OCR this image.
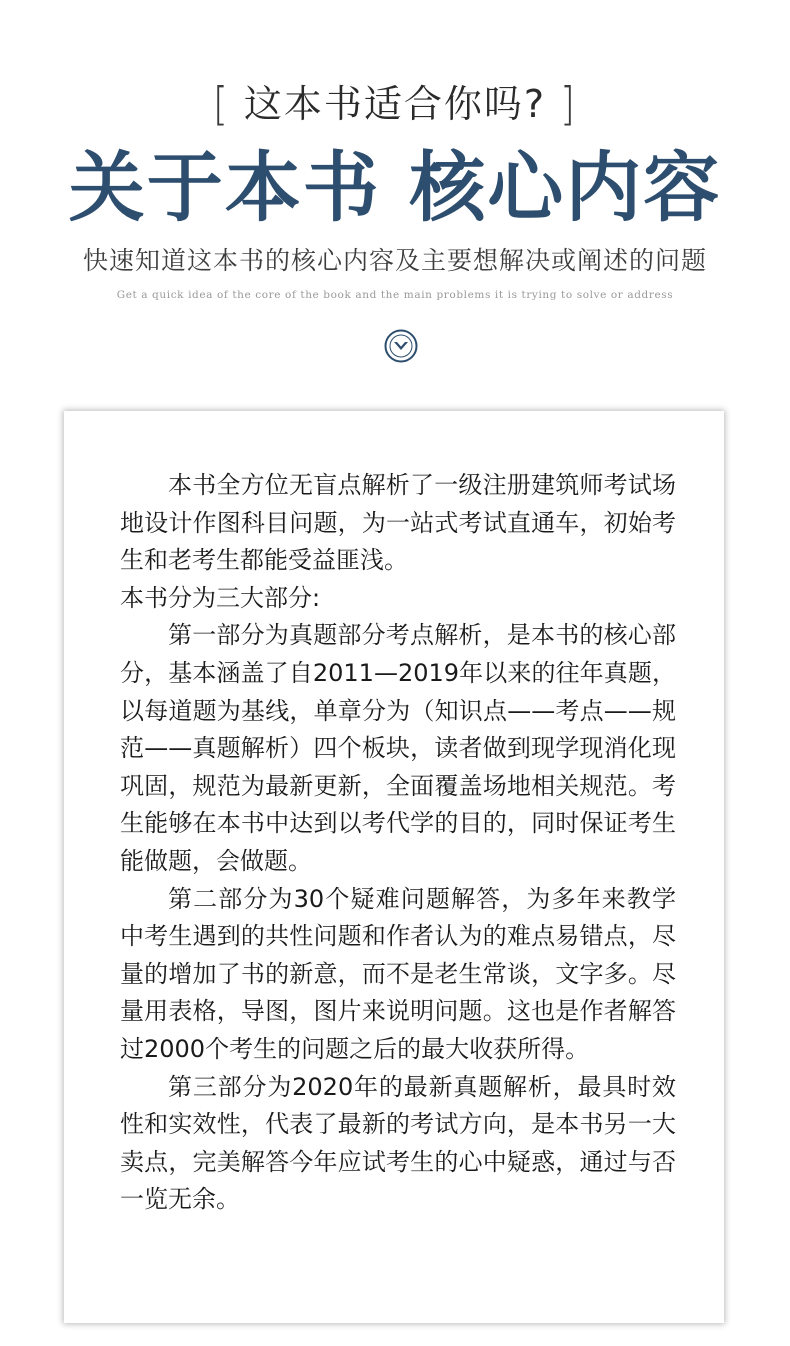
[ 这本书适合你吗? ]
关于本书 核心内容
快速知道这本书的核心内容及主要想解决或阐述的问题
Get a quick idea of the core of the book and the main problems it is trying to solve or address

本书全方位无盲点解析了一级注册建筑师考试场地设计作图科目问题，为一站式考试直通车，初始考生和老考生都能受益匪浅。

本书分为三大部分:

第一部分为真题部分考点解析，是本书的核心部分，基本涵盖了自2011—2019年以来的往年真题，以每道题为基线，单章分为（知识点——考点——规范——真题解析）四个板块，读者做到现学现消化现巩固，规范为最新更新，全面覆盖场地相关规范。考生能够在本书中达到以考代学的目的，同时保证考生能做题，会做题。

第二部分为30个疑难问题解答，为多年来教学中考生遇到的共性问题和作者认为的难点易错点，尽量的增加了书的新意，而不是老生常谈，文字多。尽量用表格，导图，图片来说明问题。这也是作者解答过2000个考生的问题之后的最大收获所得。

第三部分为2020年的最新真题解析，最具时效性和实效性，代表了最新的考试方向，是本书另一大卖点，完美解答今年应试考生的心中疑惑，通过与否一览无余。
